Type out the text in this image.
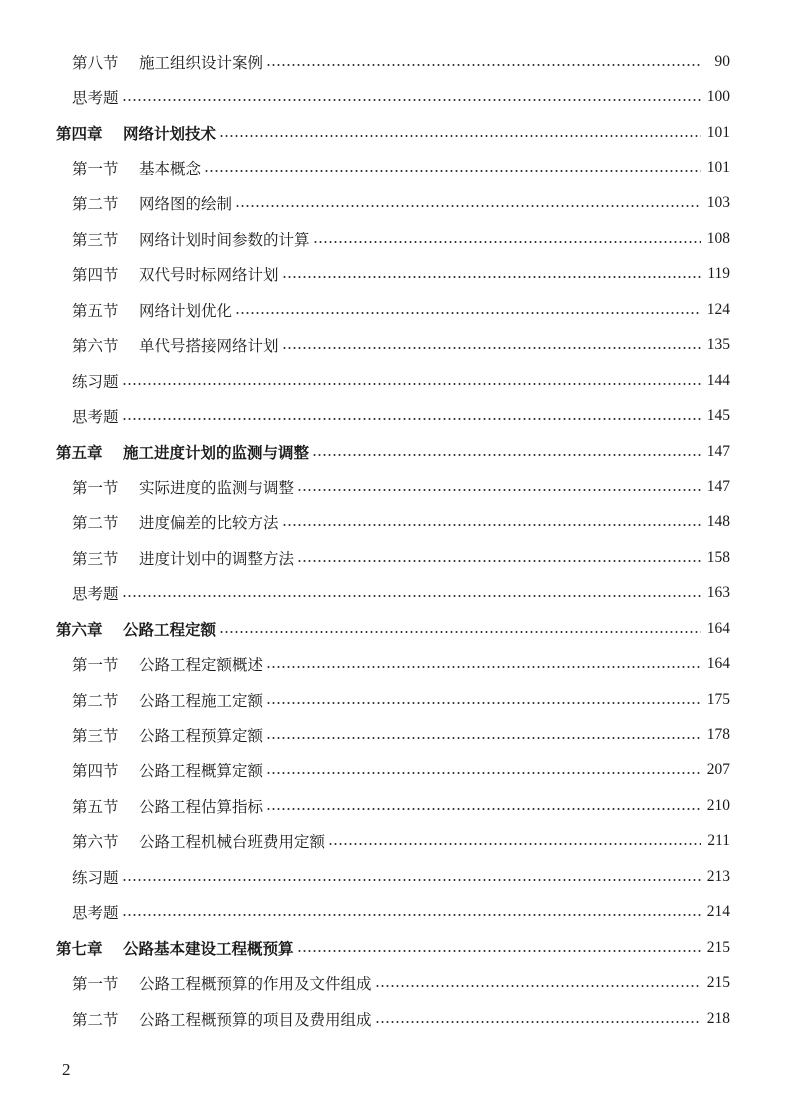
第八节	施工组织设计案例	90
思考题	100
第四章	网络计划技术	101
第一节	基本概念	101
第二节	网络图的绘制	103
第三节	网络计划时间参数的计算	108
第四节	双代号时标网络计划	119
第五节	网络计划优化	124
第六节	单代号搭接网络计划	135
练习题	144
思考题	145
第五章	施工进度计划的监测与调整	147
第一节	实际进度的监测与调整	147
第二节	进度偏差的比较方法	148
第三节	进度计划中的调整方法	158
思考题	163
第六章	公路工程定额	164
第一节	公路工程定额概述	164
第二节	公路工程施工定额	175
第三节	公路工程预算定额	178
第四节	公路工程概算定额	207
第五节	公路工程估算指标	210
第六节	公路工程机械台班费用定额	211
练习题	213
思考题	214
第七章	公路基本建设工程概预算	215
第一节	公路工程概预算的作用及文件组成	215
第二节	公路工程概预算的项目及费用组成	218
2
